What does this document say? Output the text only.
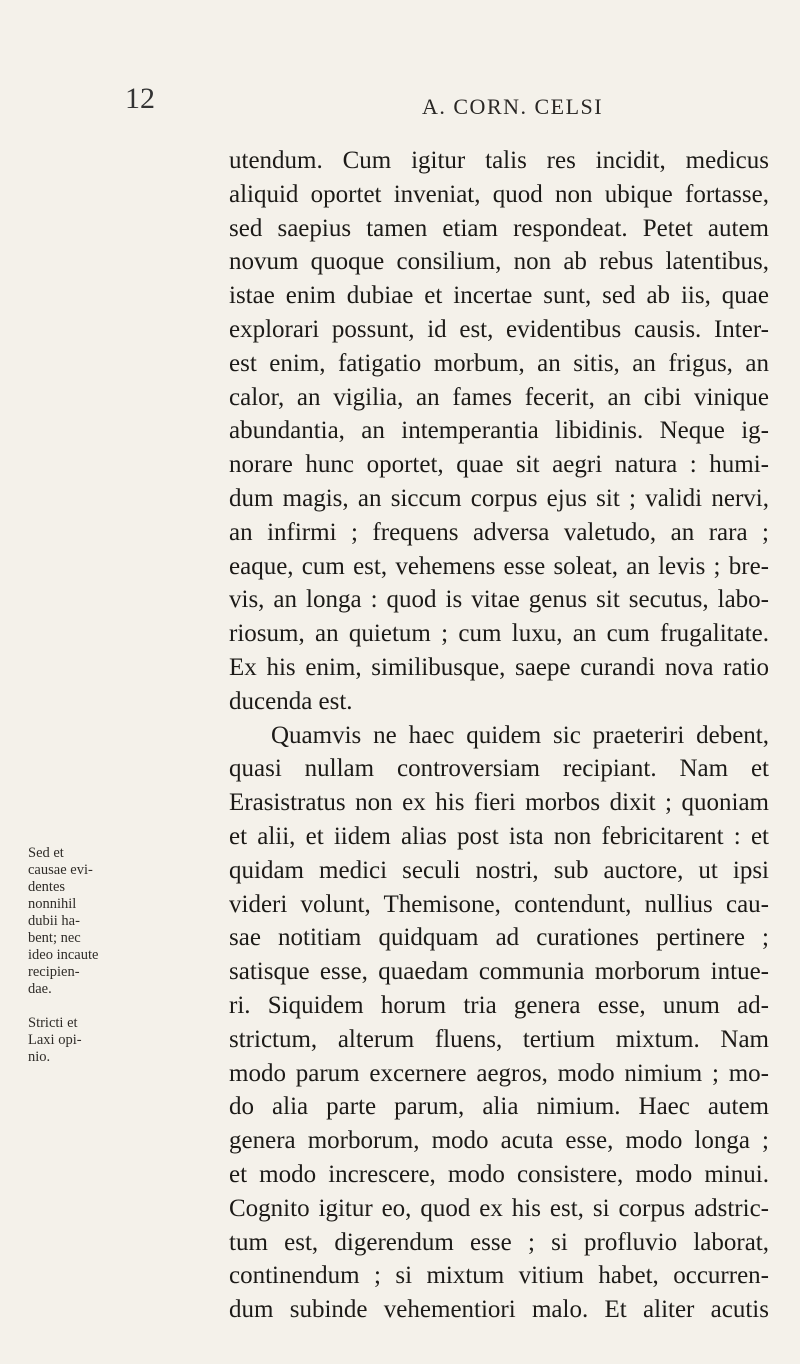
12	A. CORN. CELSI
Sed et
causae evi-
dentes
nonnihil
dubii ha-
bent; nec
ideo incaute
recipien-
dae.
Stricti et
Laxi opi-
nio.
utendum. Cum igitur talis res incidit, medicus
aliquid oportet inveniat, quod non ubique fortasse,
sed saepius tamen etiam respondeat. Petet autem
novum quoque consilium, non ab rebus latentibus,
istae enim dubiae et incertae sunt, sed ab iis, quae
explorari possunt, id est, evidentibus causis. Inter-
est enim, fatigatio morbum, an sitis, an frigus, an
calor, an vigilia, an fames fecerit, an cibi vinique
abundantia, an intemperantia libidinis. Neque ig-
norare hunc oportet, quae sit aegri natura : humi-
dum magis, an siccum corpus ejus sit ; validi nervi,
an infirmi ; frequens adversa valetudo, an rara ;
eaque, cum est, vehemens esse soleat, an levis ; bre-
vis, an longa : quod is vitae genus sit secutus, labo-
riosum, an quietum ; cum luxu, an cum frugalitate.
Ex his enim, similibusque, saepe curandi nova ratio
ducenda est.
Quamvis ne haec quidem sic praeteriri debent,
quasi nullam controversiam recipiant. Nam et
Erasistratus non ex his fieri morbos dixit ; quoniam
et alii, et iidem alias post ista non febricitarent : et
quidam medici seculi nostri, sub auctore, ut ipsi
videri volunt, Themisone, contendunt, nullius cau-
sae notitiam quidquam ad curationes pertinere ;
satisque esse, quaedam communia morborum intue-
ri. Siquidem horum tria genera esse, unum ad-
strictum, alterum fluens, tertium mixtum. Nam
modo parum excernere aegros, modo nimium ; mo-
do alia parte parum, alia nimium. Haec autem
genera morborum, modo acuta esse, modo longa ;
et modo increscere, modo consistere, modo minui.
Cognito igitur eo, quod ex his est, si corpus adstric-
tum est, digerendum esse ; si profluvio laborat,
continendum ; si mixtum vitium habet, occurren-
dum subinde vehementiori malo. Et aliter acutis
